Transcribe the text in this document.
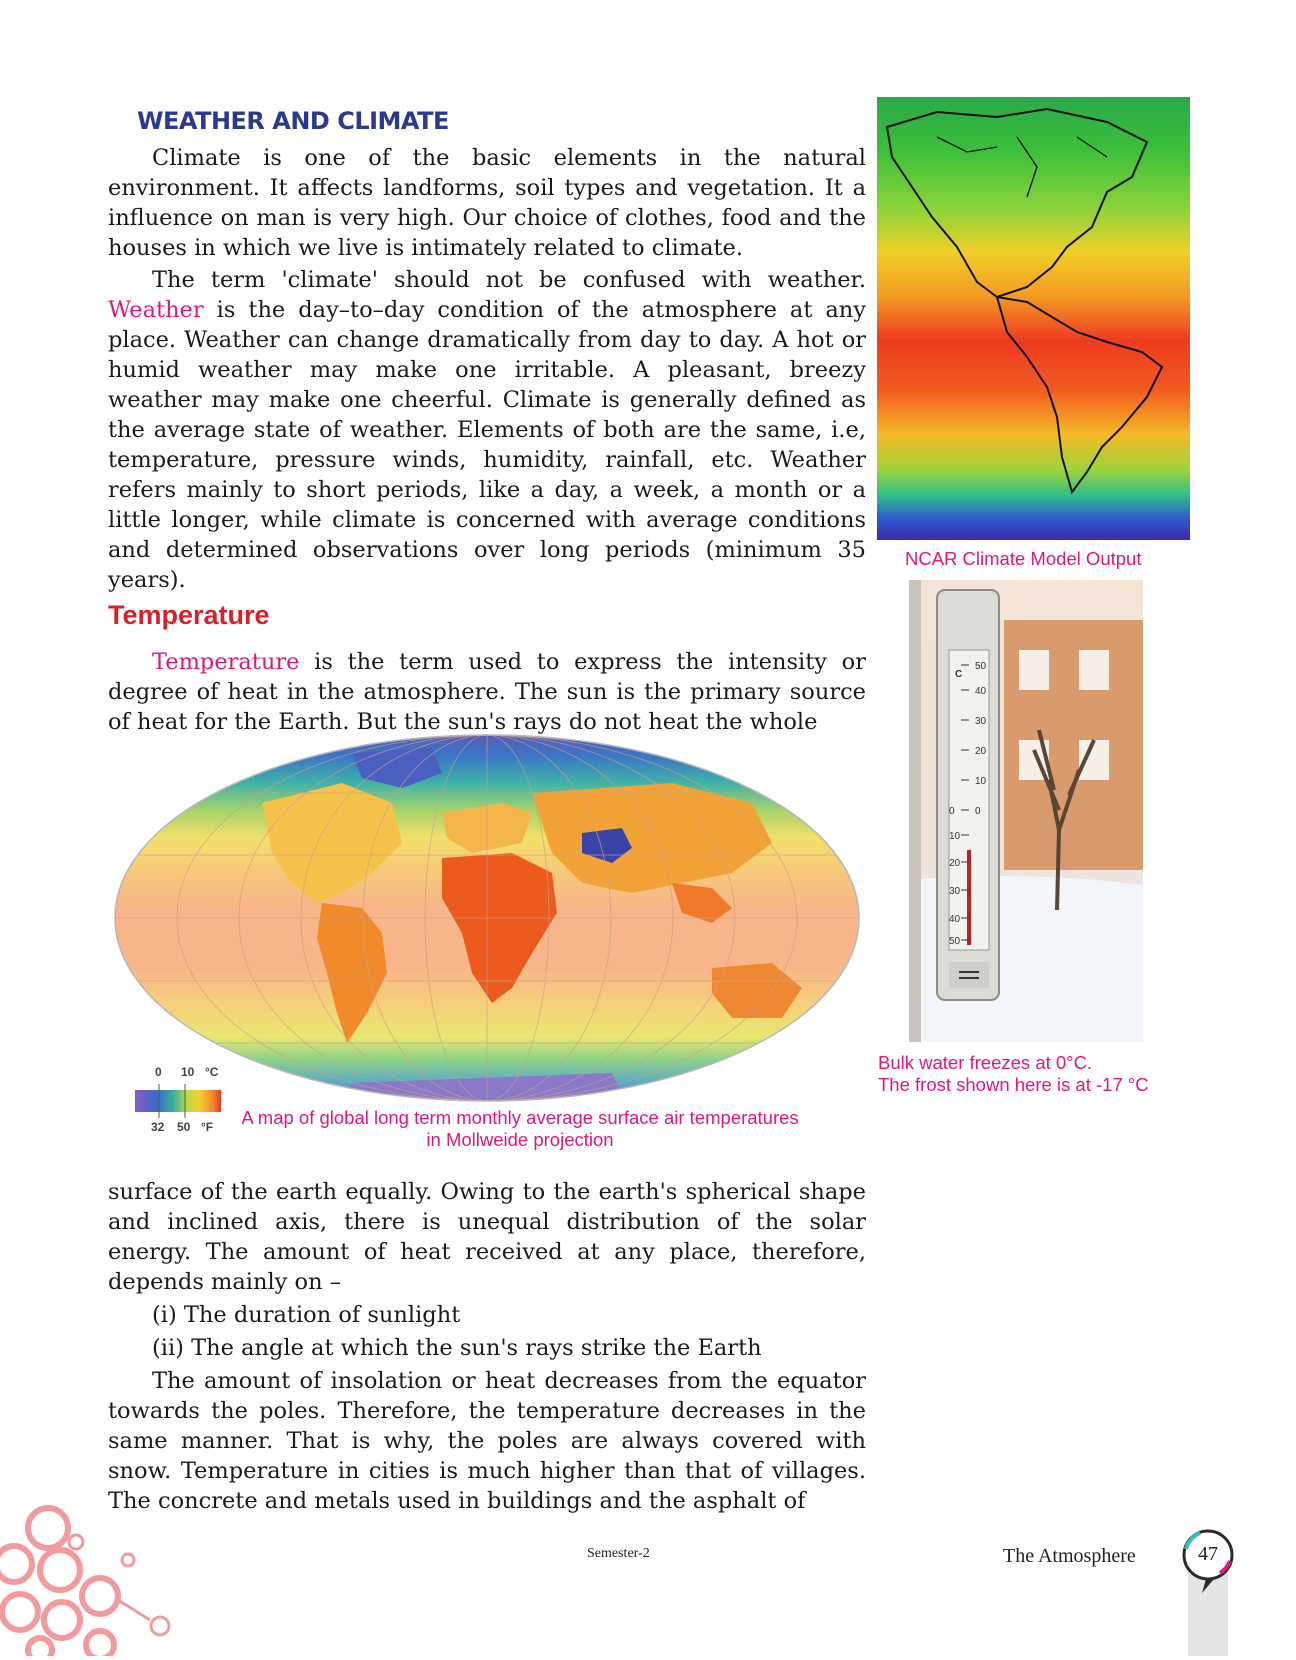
WEATHER AND CLIMATE

Climate is one of the basic elements in the natural environment. It affects landforms, soil types and vegetation. It a influence on man is very high. Our choice of clothes, food and the houses in which we live is intimately related to climate.

The term 'climate' should not be confused with weather. Weather is the day–to–day condition of the atmosphere at any place. Weather can change dramatically from day to day. A hot or humid weather may make one irritable. A pleasant, breezy weather may make one cheerful. Climate is generally defined as the average state of weather. Elements of both are the same, i.e, temperature, pressure winds, humidity, rainfall, etc. Weather refers mainly to short periods, like a day, a week, a month or a little longer, while climate is concerned with average conditions and determined observations over long periods (minimum 35 years).

Temperature

Temperature is the term used to express the intensity or degree of heat in the atmosphere. The sun is the primary source of heat for the Earth. But the sun's rays do not heat the whole

NCAR Climate Model Output
C
50
40
30
20
10
0
0
10
20
30
40
50
Bulk water freezes at 0°C.
The frost shown here is at -17 °C
0 10 °C
32 50 °F	A map of global long term monthly average surface air temperatures
in Mollweide projection

surface of the earth equally. Owing to the earth's spherical shape and inclined axis, there is unequal distribution of the solar energy. The amount of heat received at any place, therefore, depends mainly on –

(i) The duration of sunlight
(ii) The angle at which the sun's rays strike the Earth

The amount of insolation or heat decreases from the equator towards the poles. Therefore, the temperature decreases in the same manner. That is why, the poles are always covered with snow. Temperature in cities is much higher than that of villages. The concrete and metals used in buildings and the asphalt of

Semester-2	The Atmosphere	47
